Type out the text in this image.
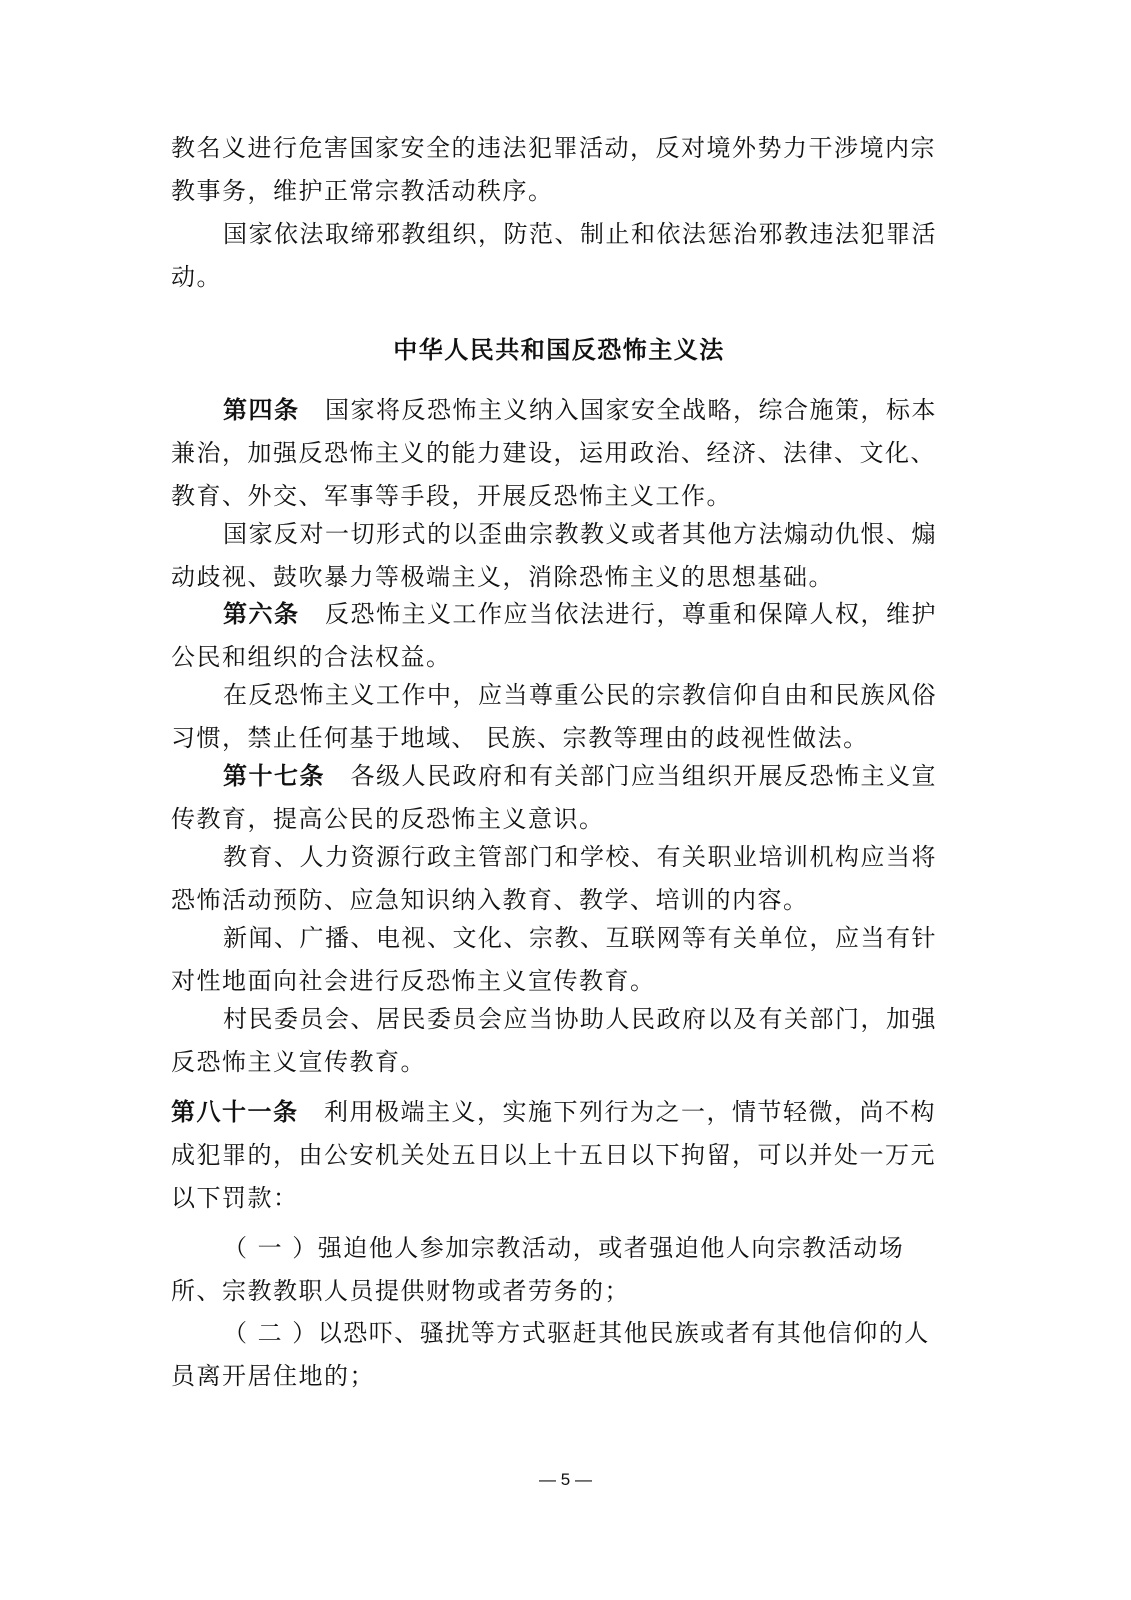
教名义进行危害国家安全的违法犯罪活动，反对境外势力干涉境内宗教事务，维护正常宗教活动秩序。

国家依法取缔邪教组织，防范、制止和依法惩治邪教违法犯罪活动。

中华人民共和国反恐怖主义法

第四条　 国家将反恐怖主义纳入国家安全战略，综合施策，标本兼治，加强反恐怖主义的能力建设，运用政治、经济、法律、文化、教育、外交、军事等手段，开展反恐怖主义工作。

国家反对一切形式的以歪曲宗教教义或者其他方法煽动仇恨、煽动歧视、鼓吹暴力等极端主义，消除恐怖主义的思想基础。

第六条　 反恐怖主义工作应当依法进行，尊重和保障人权，维护公民和组织的合法权益。

在反恐怖主义工作中，应当尊重公民的宗教信仰自由和民族风俗习惯，禁止任何基于地域、 民族、宗教等理由的歧视性做法。

第十七条　 各级人民政府和有关部门应当组织开展反恐怖主义宣传教育，提高公民的反恐怖主义意识。

教育、人力资源行政主管部门和学校、有关职业培训机构应当将恐怖活动预防、应急知识纳入教育、教学、培训的内容。

新闻、广播、电视、文化、宗教、互联网等有关单位，应当有针对性地面向社会进行反恐怖主义宣传教育。

村民委员会、居民委员会应当协助人民政府以及有关部门，加强反恐怖主义宣传教育。

第八十一条　 利用极端主义，实施下列行为之一，情节轻微，尚不构成犯罪的，由公安机关处五日以上十五日以下拘留，可以并处一万元以下罚款：

（ 一 ）强迫他人参加宗教活动，或者强迫他人向宗教活动场所、宗教教职人员提供财物或者劳务的；

（ 二 ）以恐吓、骚扰等方式驱赶其他民族或者有其他信仰的人员离开居住地的；

— 5 —
